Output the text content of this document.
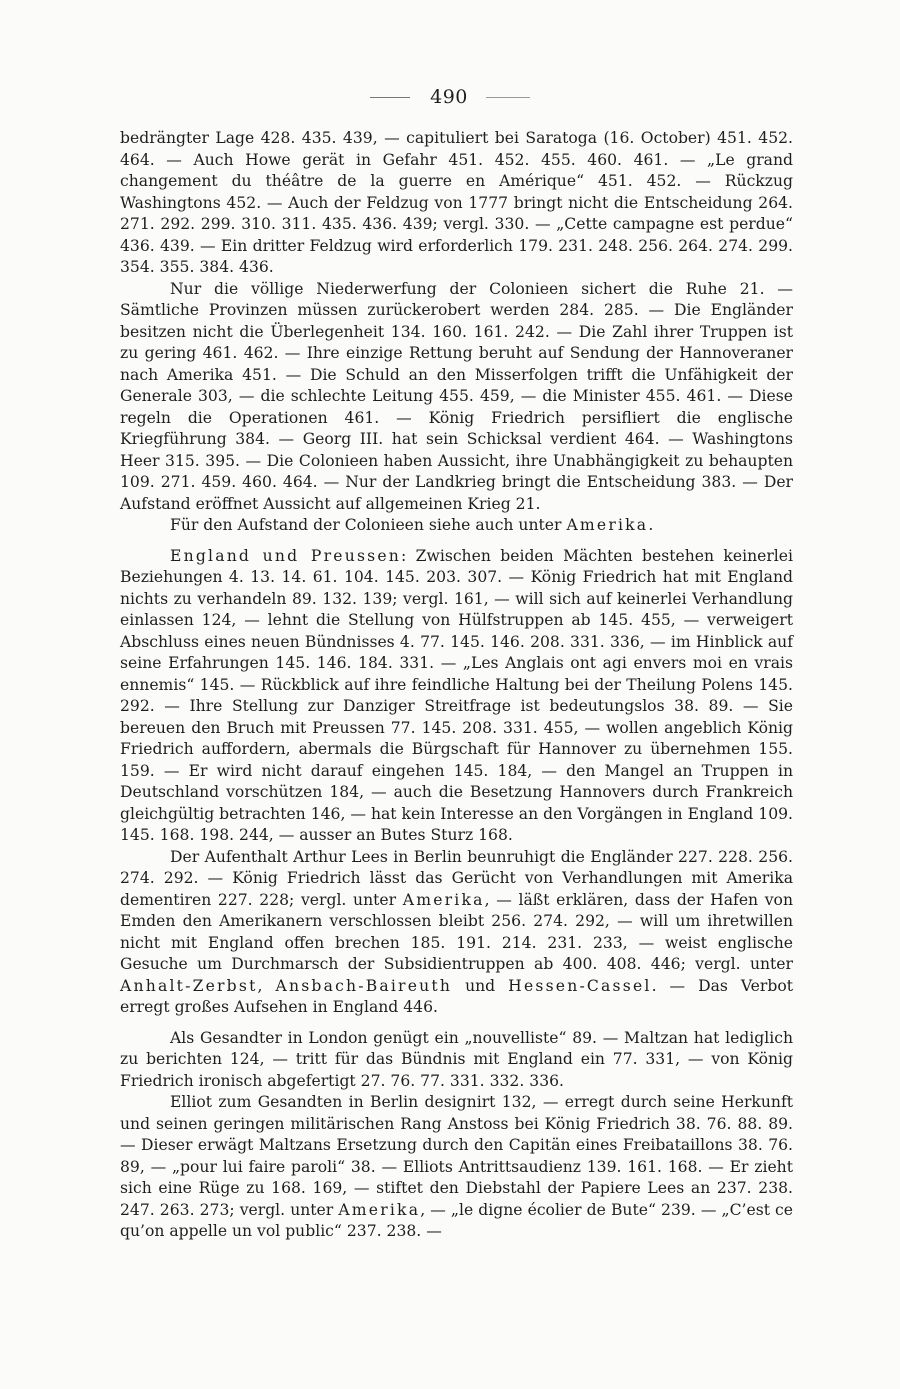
490

bedrängter Lage 428. 435. 439, — capituliert bei Saratoga (16. October) 451. 452. 464. — Auch Howe gerät in Gefahr 451. 452. 455. 460. 461. — „Le grand changement du théâtre de la guerre en Amérique“ 451. 452. — Rückzug Washingtons 452. — Auch der Feldzug von 1777 bringt nicht die Entscheidung 264. 271. 292. 299. 310. 311. 435. 436. 439; vergl. 330. — „Cette campagne est perdue“ 436. 439. — Ein dritter Feldzug wird erforderlich 179. 231. 248. 256. 264. 274. 299. 354. 355. 384. 436.

Nur die völlige Niederwerfung der Colonieen sichert die Ruhe 21. — Sämtliche Provinzen müssen zurückerobert werden 284. 285. — Die Engländer besitzen nicht die Überlegenheit 134. 160. 161. 242. — Die Zahl ihrer Truppen ist zu gering 461. 462. — Ihre einzige Rettung beruht auf Sendung der Hannoveraner nach Amerika 451. — Die Schuld an den Misserfolgen trifft die Unfähigkeit der Generale 303, — die schlechte Leitung 455. 459, — die Minister 455. 461. — Diese regeln die Operationen 461. — König Friedrich persifliert die englische Kriegführung 384. — Georg III. hat sein Schicksal verdient 464. — Washingtons Heer 315. 395. — Die Colonieen haben Aussicht, ihre Unabhängigkeit zu behaupten 109. 271. 459. 460. 464. — Nur der Landkrieg bringt die Entscheidung 383. — Der Aufstand eröffnet Aussicht auf allgemeinen Krieg 21.

Für den Aufstand der Colonieen siehe auch unter Amerika.

England und Preussen: Zwischen beiden Mächten bestehen keinerlei Beziehungen 4. 13. 14. 61. 104. 145. 203. 307. — König Friedrich hat mit England nichts zu verhandeln 89. 132. 139; vergl. 161, — will sich auf keinerlei Verhandlung einlassen 124, — lehnt die Stellung von Hülfstruppen ab 145. 455, — verweigert Abschluss eines neuen Bündnisses 4. 77. 145. 146. 208. 331. 336, — im Hinblick auf seine Erfahrungen 145. 146. 184. 331. — „Les Anglais ont agi envers moi en vrais ennemis“ 145. — Rückblick auf ihre feindliche Haltung bei der Theilung Polens 145. 292. — Ihre Stellung zur Danziger Streitfrage ist bedeutungslos 38. 89. — Sie bereuen den Bruch mit Preussen 77. 145. 208. 331. 455, — wollen angeblich König Friedrich auffordern, abermals die Bürgschaft für Hannover zu übernehmen 155. 159. — Er wird nicht darauf eingehen 145. 184, — den Mangel an Truppen in Deutschland vorschützen 184, — auch die Besetzung Hannovers durch Frankreich gleichgültig betrachten 146, — hat kein Interesse an den Vorgängen in England 109. 145. 168. 198. 244, — ausser an Butes Sturz 168.

Der Aufenthalt Arthur Lees in Berlin beunruhigt die Engländer 227. 228. 256. 274. 292. — König Friedrich lässt das Gerücht von Verhandlungen mit Amerika dementiren 227. 228; vergl. unter Amerika, — läßt erklären, dass der Hafen von Emden den Amerikanern verschlossen bleibt 256. 274. 292, — will um ihretwillen nicht mit England offen brechen 185. 191. 214. 231. 233, — weist englische Gesuche um Durchmarsch der Subsidientruppen ab 400. 408. 446; vergl. unter Anhalt-Zerbst, Ansbach-Baireuth und Hessen-Cassel. — Das Verbot erregt großes Aufsehen in England 446.

Als Gesandter in London genügt ein „nouvelliste“ 89. — Maltzan hat lediglich zu berichten 124, — tritt für das Bündnis mit England ein 77. 331, — von König Friedrich ironisch abgefertigt 27. 76. 77. 331. 332. 336.

Elliot zum Gesandten in Berlin designirt 132, — erregt durch seine Herkunft und seinen geringen militärischen Rang Anstoss bei König Friedrich 38. 76. 88. 89. — Dieser erwägt Maltzans Ersetzung durch den Capitän eines Freibataillons 38. 76. 89, — „pour lui faire paroli“ 38. — Elliots Antrittsaudienz 139. 161. 168. — Er zieht sich eine Rüge zu 168. 169, — stiftet den Diebstahl der Papiere Lees an 237. 238. 247. 263. 273; vergl. unter Amerika, — „le digne écolier de Bute“ 239. — „C’est ce qu’on appelle un vol public“ 237. 238. —
